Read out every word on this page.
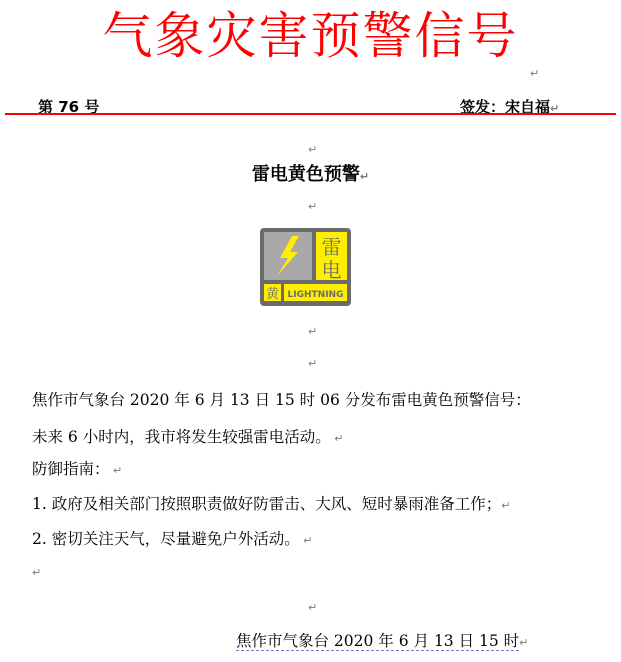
气象灾害预警信号
↵
第 76 号	签发：宋自福↵
↵
雷电黄色预警↵
↵
雷
电
黄 LIGHTNING
↵
↵
焦作市气象台 2020 年 6 月 13 日 15 时 06 分发布雷电黄色预警信号：
未来 6 小时内，我市将发生较强雷电活动。 ↵
防御指南： ↵
1. 政府及相关部门按照职责做好防雷击、大风、短时暴雨准备工作；↵
2. 密切关注天气，尽量避免户外活动。 ↵
↵
↵
焦作市气象台 2020 年 6 月 13 日 15 时↵
